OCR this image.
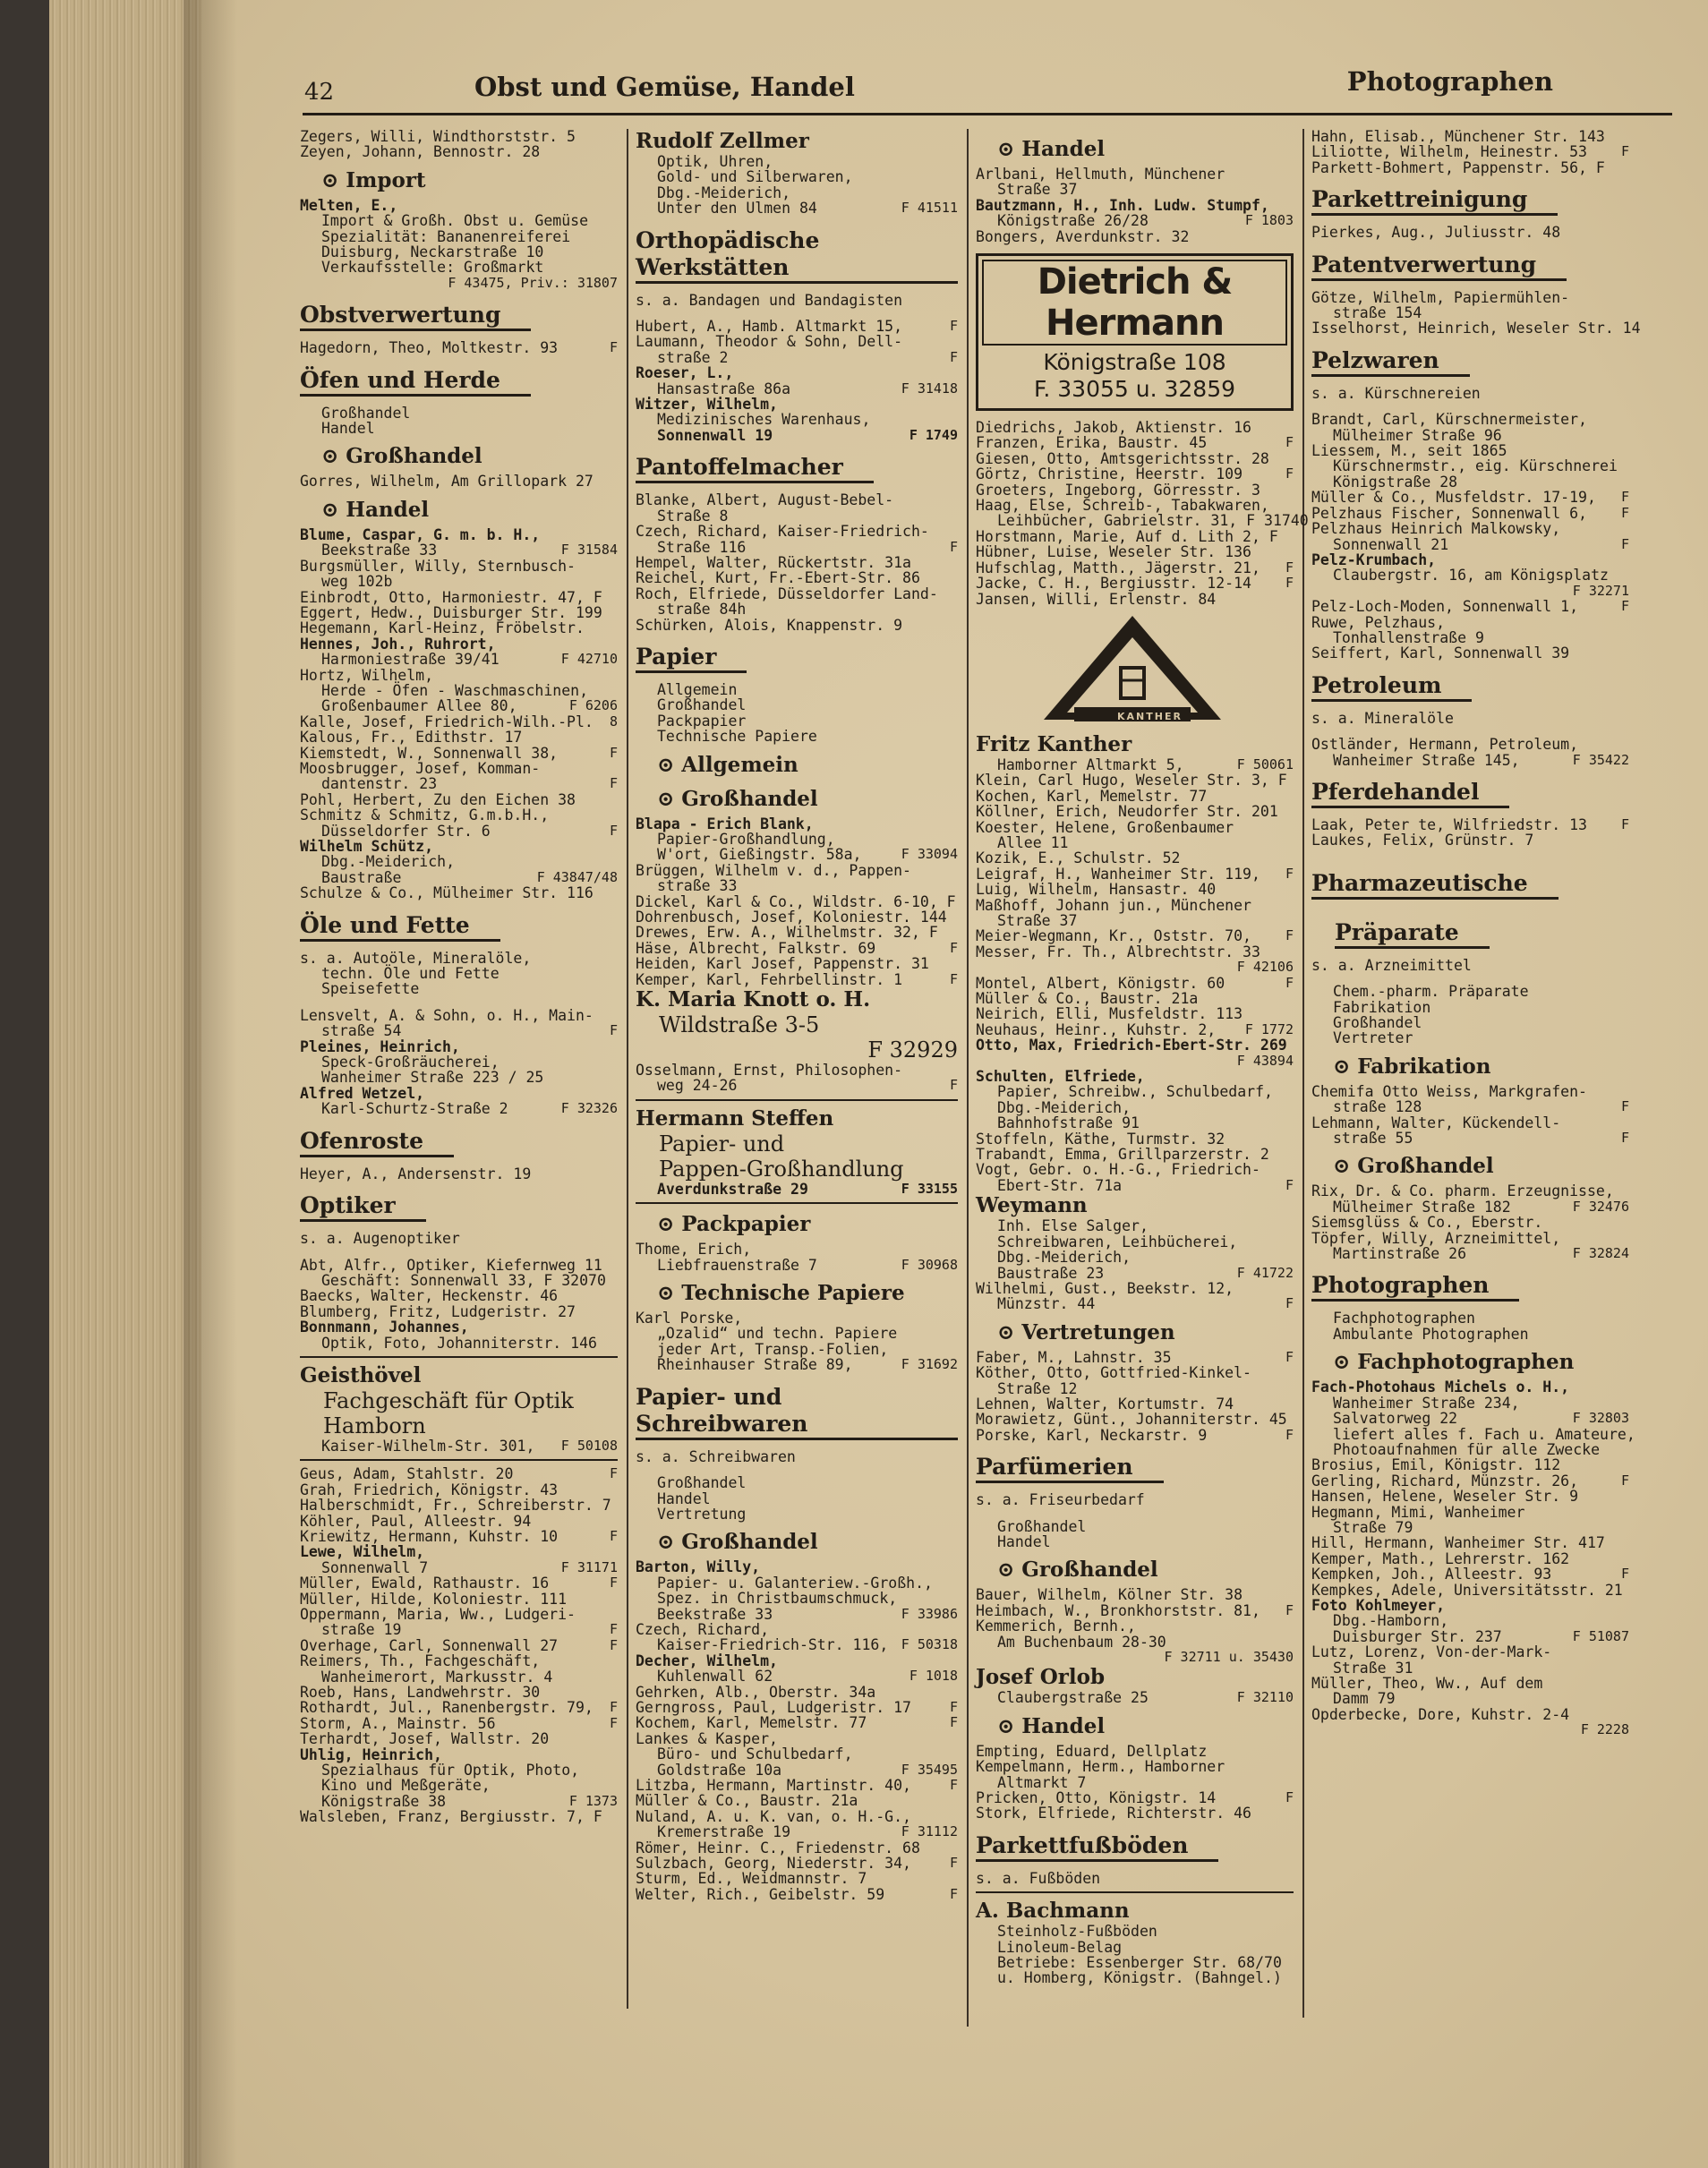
42	Obst und Gemüse, Handel	Photographen
Zegers, Willi, Windthorststr. 5
Zeyen, Johann, Bennostr. 28
⊙ Import
Melten, E.,
Import & Großh. Obst u. Gemüse
Spezialität: Bananenreiferei
Duisburg, Neckarstraße 10
Verkaufsstelle: Großmarkt
F 43475, Priv.: 31807
Obstverwertung
Hagedorn, Theo, Moltkestr. 93	F
Öfen und Herde
Großhandel
Handel
⊙ Großhandel
Gorres, Wilhelm, Am Grillopark 27
⊙ Handel
Blume, Caspar, G. m. b. H.,
Beekstraße 33	F 31584
Burgsmüller, Willy, Sternbusch-
weg 102b
Einbrodt, Otto, Harmoniestr. 47, F
Eggert, Hedw., Duisburger Str. 199
Hegemann, Karl-Heinz, Fröbelstr.
Hennes, Joh., Ruhrort,
Harmoniestraße 39/41	F 42710
Hortz, Wilhelm,
Herde - Öfen - Waschmaschinen,
Großenbaumer Allee 80,	F 6206
Kalle, Josef, Friedrich-Wilh.-Pl. 8
Kalous, Fr., Edithstr. 17
Kiemstedt, W., Sonnenwall 38,	F
Moosbrugger, Josef, Komman-
dantenstr. 23	F
Pohl, Herbert, Zu den Eichen 38
Schmitz & Schmitz, G.m.b.H.,
Düsseldorfer Str. 6	F
Wilhelm Schütz,
Dbg.-Meiderich,
Baustraße	F 43847/48
Schulze & Co., Mülheimer Str. 116
Öle und Fette
s. a. Autoöle, Mineralöle,
techn. Öle und Fette
Speisefette
Lensvelt, A. & Sohn, o. H., Main-
straße 54	F
Pleines, Heinrich,
Speck-Großräucherei,
Wanheimer Straße 223 / 25
Alfred Wetzel,
Karl-Schurtz-Straße 2	F 32326
Ofenroste
Heyer, A., Andersenstr. 19
Optiker
s. a. Augenoptiker
Abt, Alfr., Optiker, Kiefernweg 11
Geschäft: Sonnenwall 33, F 32070
Baecks, Walter, Heckenstr. 46
Blumberg, Fritz, Ludgeristr. 27
Bonnmann, Johannes,
Optik, Foto, Johanniterstr. 146
Geisthövel
Fachgeschäft für Optik
Hamborn
Kaiser-Wilhelm-Str. 301, F 50108
Geus, Adam, Stahlstr. 20	F
Grah, Friedrich, Königstr. 43
Halberschmidt, Fr., Schreiberstr. 7
Köhler, Paul, Alleestr. 94
Kriewitz, Hermann, Kuhstr. 10	F
Lewe, Wilhelm,
Sonnenwall 7	F 31171
Müller, Ewald, Rathaustr. 16	F
Müller, Hilde, Koloniestr. 111
Oppermann, Maria, Ww., Ludgeri-
straße 19	F
Overhage, Carl, Sonnenwall 27	F
Reimers, Th., Fachgeschäft,
Wanheimerort, Markusstr. 4
Roeb, Hans, Landwehrstr. 30
Rothardt, Jul., Ranenbergstr. 79, F
Storm, A., Mainstr. 56	F
Terhardt, Josef, Wallstr. 20
Uhlig, Heinrich,
Spezialhaus für Optik, Photo,
Kino und Meßgeräte,
Königstraße 38	F 1373
Walsleben, Franz, Bergiusstr. 7, F
Rudolf Zellmer
Optik, Uhren,
Gold- und Silberwaren,
Dbg.-Meiderich,
Unter den Ulmen 84	F 41511
Orthopädische Werkstätten
s. a. Bandagen und Bandagisten
Hubert, A., Hamb. Altmarkt 15,	F
Laumann, Theodor & Sohn, Dell-
straße 2	F
Roeser, L.,
Hansastraße 86a	F 31418
Witzer, Wilhelm,
Medizinisches Warenhaus,
Sonnenwall 19	F 1749
Pantoffelmacher
Blanke, Albert, August-Bebel-
Straße 8
Czech, Richard, Kaiser-Friedrich-
Straße 116	F
Hempel, Walter, Rückertstr. 31a
Reichel, Kurt, Fr.-Ebert-Str. 86
Roch, Elfriede, Düsseldorfer Land-
straße 84h
Schürken, Alois, Knappenstr. 9
Papier
Allgemein
Großhandel
Packpapier
Technische Papiere
⊙ Allgemein
⊙ Großhandel
Blapa - Erich Blank,
Papier-Großhandlung,
W'ort, Gießingstr. 58a,	F 33094
Brüggen, Wilhelm v. d., Pappen-
straße 33
Dickel, Karl & Co., Wildstr. 6-10, F
Dohrenbusch, Josef, Koloniestr. 144
Drewes, Erw. A., Wilhelmstr. 32, F
Häse, Albrecht, Falkstr. 69	F
Heiden, Karl Josef, Pappenstr. 31
Kemper, Karl, Fehrbellinstr. 1	F
K. Maria Knott o. H.
Wildstraße 3-5
F 32929
Osselmann, Ernst, Philosophen-
weg 24-26	F
Hermann Steffen
Papier- und
Pappen-Großhandlung
Averdunkstraße 29	F 33155
⊙ Packpapier
Thome, Erich,
Liebfrauenstraße 7	F 30968
⊙ Technische Papiere
Karl Porske,
„Ozalid“ und techn. Papiere
jeder Art, Transp.-Folien,
Rheinhauser Straße 89,	F 31692
Papier- und Schreibwaren
s. a. Schreibwaren
Großhandel
Handel
Vertretung
⊙ Großhandel
Barton, Willy,
Papier- u. Galanteriew.-Großh.,
Spez. in Christbaumschmuck,
Beekstraße 33	F 33986
Czech, Richard,
Kaiser-Friedrich-Str. 116, F 50318
Decher, Wilhelm,
Kuhlenwall 62	F 1018
Gehrken, Alb., Oberstr. 34a
Gerngross, Paul, Ludgeristr. 17	F
Kochem, Karl, Memelstr. 77	F
Lankes & Kasper,
Büro- und Schulbedarf,
Goldstraße 10a	F 35495
Litzba, Hermann, Martinstr. 40,	F
Müller & Co., Baustr. 21a
Nuland, A. u. K. van, o. H.-G.,
Kremerstraße 19	F 31112
Römer, Heinr. C., Friedenstr. 68
Sulzbach, Georg, Niederstr. 34,	F
Sturm, Ed., Weidmannstr. 7
Welter, Rich., Geibelstr. 59	F
⊙ Handel
Arlbani, Hellmuth, Münchener
Straße 37
Bautzmann, H., Inh. Ludw. Stumpf,
Königstraße 26/28	F 1803
Bongers, Averdunkstr. 32
Dietrich & Hermann
Königstraße 108
F. 33055 u. 32859
Diedrichs, Jakob, Aktienstr. 16
Franzen, Erika, Baustr. 45	F
Giesen, Otto, Amtsgerichtsstr. 28
Görtz, Christine, Heerstr. 109	F
Groeters, Ingeborg, Görresstr. 3
Haag, Else, Schreib-, Tabakwaren,
Leihbücher, Gabrielstr. 31, F 31740
Horstmann, Marie, Auf d. Lith 2, F
Hübner, Luise, Weseler Str. 136
Hufschlag, Matth., Jägerstr. 21, F
Jacke, C. H., Bergiusstr. 12-14	F
Jansen, Willi, Erlenstr. 84
KANTHER
Fritz Kanther
Hamborner Altmarkt 5,	F 50061
Klein, Carl Hugo, Weseler Str. 3, F
Kochen, Karl, Memelstr. 77
Köllner, Erich, Neudorfer Str. 201
Koester, Helene, Großenbaumer
Allee 11
Kozik, E., Schulstr. 52
Leigraf, H., Wanheimer Str. 119, F
Luig, Wilhelm, Hansastr. 40
Maßhoff, Johann jun., Münchener
Straße 37
Meier-Wegmann, Kr., Oststr. 70,	F
Messer, Fr. Th., Albrechtstr. 33
F 42106
Montel, Albert, Königstr. 60	F
Müller & Co., Baustr. 21a
Neirich, Elli, Musfeldstr. 113
Neuhaus, Heinr., Kuhstr. 2, F 1772
Otto, Max, Friedrich-Ebert-Str. 269
F 43894
Schulten, Elfriede,
Papier, Schreibw., Schulbedarf,
Dbg.-Meiderich,
Bahnhofstraße 91
Stoffeln, Käthe, Turmstr. 32
Trabandt, Emma, Grillparzerstr. 2
Vogt, Gebr. o. H.-G., Friedrich-
Ebert-Str. 71a	F
Weymann
Inh. Else Salger,
Schreibwaren, Leihbücherei,
Dbg.-Meiderich,
Baustraße 23	F 41722
Wilhelmi, Gust., Beekstr. 12,
Münzstr. 44	F
⊙ Vertretungen
Faber, M., Lahnstr. 35	F
Köther, Otto, Gottfried-Kinkel-
Straße 12
Lehnen, Walter, Kortumstr. 74
Morawietz, Günt., Johanniterstr. 45
Porske, Karl, Neckarstr. 9	F
Parfümerien
s. a. Friseurbedarf
Großhandel
Handel
⊙ Großhandel
Bauer, Wilhelm, Kölner Str. 38
Heimbach, W., Bronkhorststr. 81, F
Kemmerich, Bernh.,
Am Buchenbaum 28-30
F 32711 u. 35430
Josef Orlob
Claubergstraße 25	F 32110
⊙ Handel
Empting, Eduard, Dellplatz
Kempelmann, Herm., Hamborner
Altmarkt 7
Pricken, Otto, Königstr. 14	F
Stork, Elfriede, Richterstr. 46
Parkettfußböden
s. a. Fußböden
A. Bachmann
Steinholz-Fußböden
Linoleum-Belag
Betriebe: Essenberger Str. 68/70
u. Homberg, Königstr. (Bahngel.)
Hahn, Elisab., Münchener Str. 143
Liliotte, Wilhelm, Heinestr. 53	F
Parkett-Bohmert, Pappenstr. 56, F
Parkettreinigung
Pierkes, Aug., Juliusstr. 48
Patentverwertung
Götze, Wilhelm, Papiermühlen-
straße 154
Isselhorst, Heinrich, Weseler Str. 14
Pelzwaren
s. a. Kürschnereien
Brandt, Carl, Kürschnermeister,
Mülheimer Straße 96
Liessem, M., seit 1865
Kürschnermstr., eig. Kürschnerei
Königstraße 28
Müller & Co., Musfeldstr. 17-19, F
Pelzhaus Fischer, Sonnenwall 6,	F
Pelzhaus Heinrich Malkowsky,
Sonnenwall 21	F
Pelz-Krumbach,
Claubergstr. 16, am Königsplatz
F 32271
Pelz-Loch-Moden, Sonnenwall 1,	F
Ruwe, Pelzhaus,
Tonhallenstraße 9
Seiffert, Karl, Sonnenwall 39
Petroleum
s. a. Mineralöle
Ostländer, Hermann, Petroleum,
Wanheimer Straße 145,	F 35422
Pferdehandel
Laak, Peter te, Wilfriedstr. 13	F
Laukes, Felix, Grünstr. 7
Pharmazeutische
Präparate
s. a. Arzneimittel
Chem.-pharm. Präparate
Fabrikation
Großhandel
Vertreter
⊙ Fabrikation
Chemifa Otto Weiss, Markgrafen-
straße 128	F
Lehmann, Walter, Kückendell-
straße 55	F
⊙ Großhandel
Rix, Dr. & Co. pharm. Erzeugnisse,
Mülheimer Straße 182	F 32476
Siemsglüss & Co., Eberstr.
Töpfer, Willy, Arzneimittel,
Martinstraße 26	F 32824
Photographen
Fachphotographen
Ambulante Photographen
⊙ Fachphotographen
Fach-Photohaus Michels o. H.,
Wanheimer Straße 234,
Salvatorweg 22	F 32803
liefert alles f. Fach u. Amateure,
Photoaufnahmen für alle Zwecke
Brosius, Emil, Königstr. 112
Gerling, Richard, Münzstr. 26,	F
Hansen, Helene, Weseler Str. 9
Hegmann, Mimi, Wanheimer
Straße 79
Hill, Hermann, Wanheimer Str. 417
Kemper, Math., Lehrerstr. 162
Kempken, Joh., Alleestr. 93	F
Kempkes, Adele, Universitätsstr. 21
Foto Kohlmeyer,
Dbg.-Hamborn,
Duisburger Str. 237	F 51087
Lutz, Lorenz, Von-der-Mark-
Straße 31
Müller, Theo, Ww., Auf dem
Damm 79
Opderbecke, Dore, Kuhstr. 2-4
F 2228
